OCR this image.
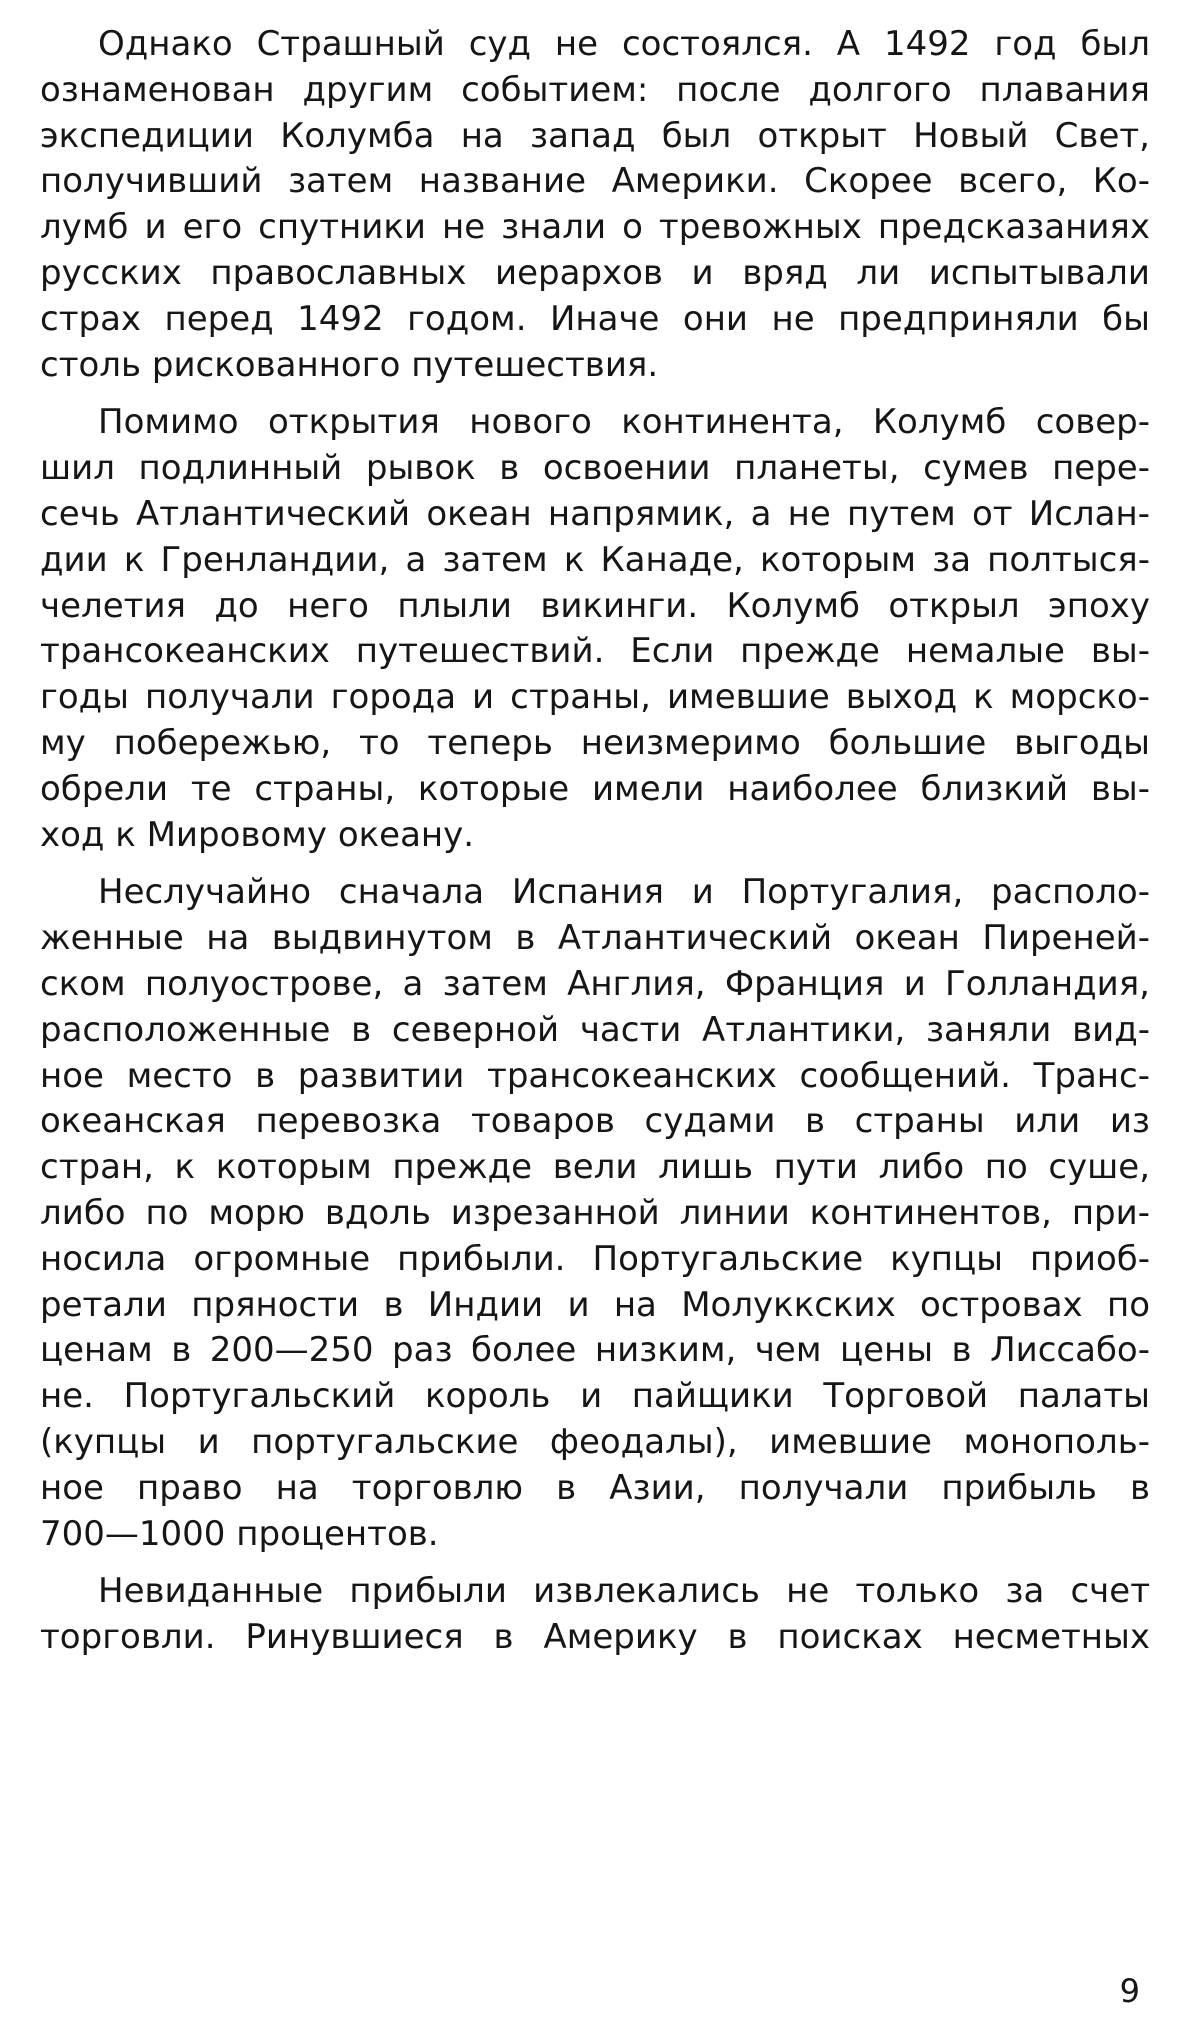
Однако Страшный суд не состоялся. А 1492 год был
ознаменован другим событием: после долгого плавания
экспедиции Колумба на запад был открыт Новый Свет,
получивший затем название Америки. Скорее всего, Ко-
лумб и его спутники не знали о тревожных предсказаниях
русских православных иерархов и вряд ли испытывали
страх перед 1492 годом. Иначе они не предприняли бы
столь рискованного путешествия.
Помимо открытия нового континента, Колумб совер-
шил подлинный рывок в освоении планеты, сумев пере-
сечь Атлантический океан напрямик, а не путем от Ислан-
дии к Гренландии, а затем к Канаде, которым за полтыся-
челетия до него плыли викинги. Колумб открыл эпоху
трансокеанских путешествий. Если прежде немалые вы-
годы получали города и страны, имевшие выход к морско-
му побережью, то теперь неизмеримо большие выгоды
обрели те страны, которые имели наиболее близкий вы-
ход к Мировому океану.
Неслучайно сначала Испания и Португалия, располо-
женные на выдвинутом в Атлантический океан Пиреней-
ском полуострове, а затем Англия, Франция и Голландия,
расположенные в северной части Атлантики, заняли вид-
ное место в развитии трансокеанских сообщений. Транс-
океанская перевозка товаров судами в страны или из
стран, к которым прежде вели лишь пути либо по суше,
либо по морю вдоль изрезанной линии континентов, при-
носила огромные прибыли. Португальские купцы приоб-
ретали пряности в Индии и на Молуккских островах по
ценам в 200—250 раз более низким, чем цены в Лиссабо-
не. Португальский король и пайщики Торговой палаты
(купцы и португальские феодалы), имевшие монополь-
ное право на торговлю в Азии, получали прибыль в
700—1000 процентов.
Невиданные прибыли извлекались не только за счет
торговли. Ринувшиеся в Америку в поисках несметных
9
